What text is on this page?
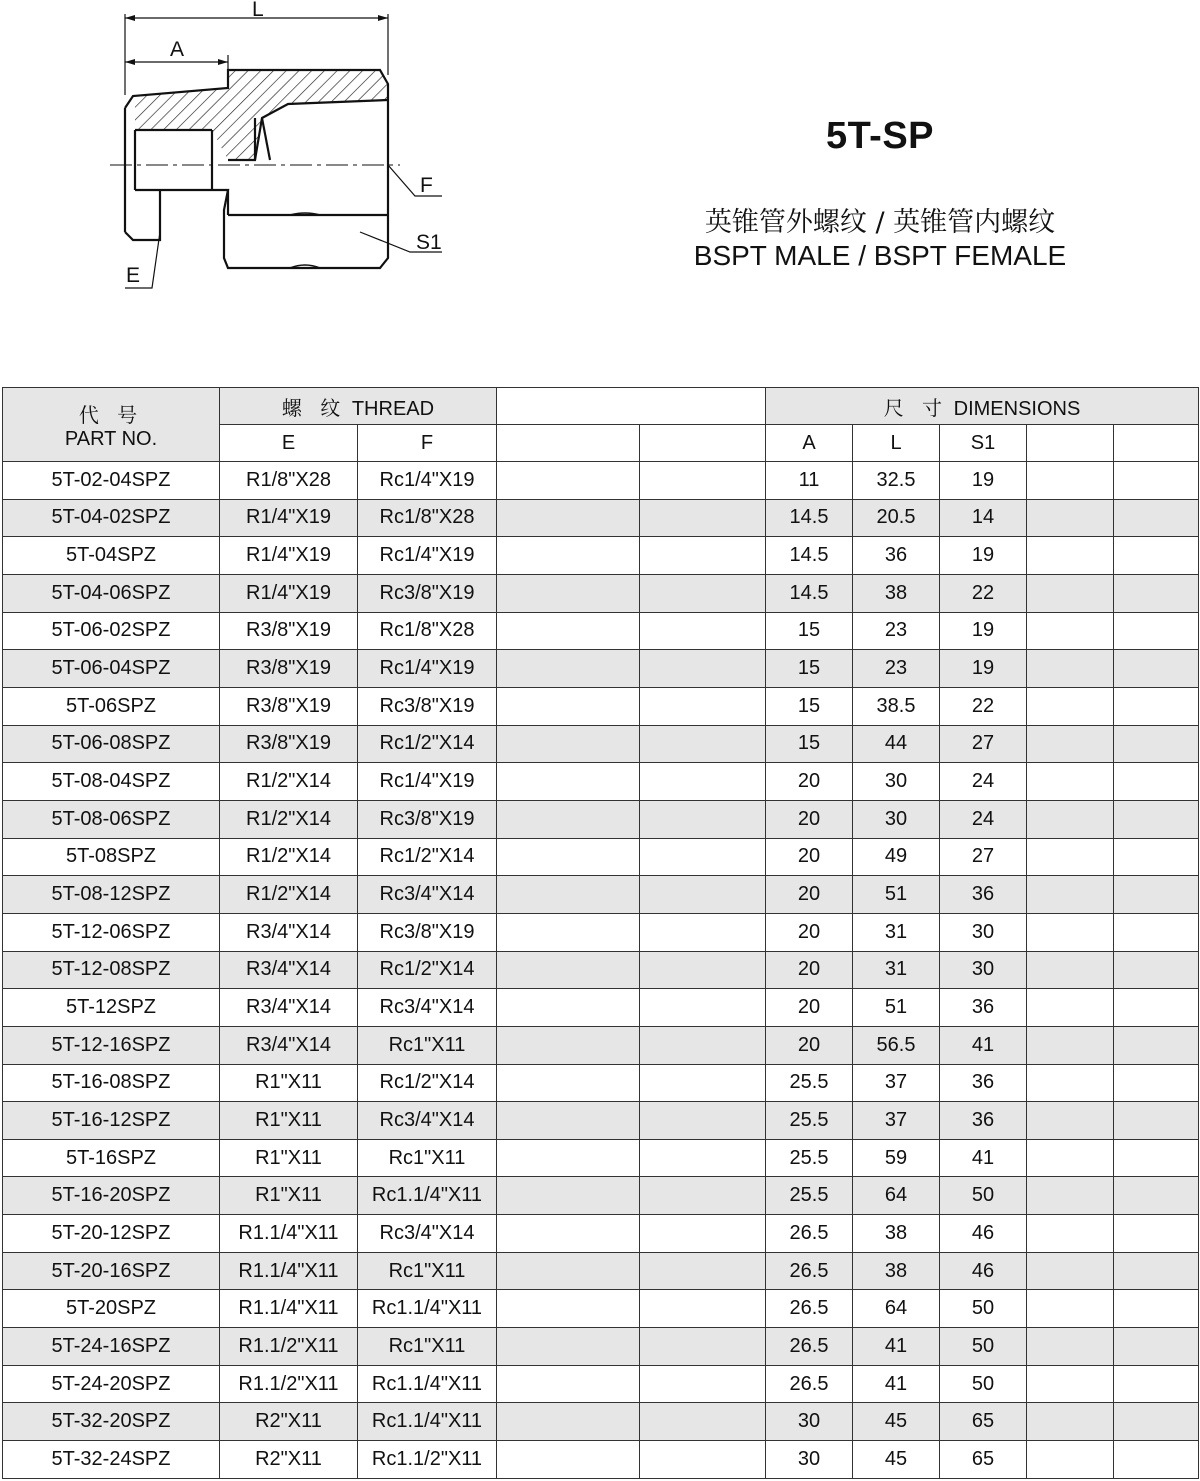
L
A
F
S1
E
5T-SP
英锥管外螺纹 / 英锥管内螺纹
BSPT MALE / BSPT FEMALE
代 号
PART NO.	螺 纹 THREAD				尺 寸 DIMENSIONS				
	E	F			A	L	S1		
5T-02-04SPZ	R1/8"X28	Rc1/4"X19			11	32.5	19		
5T-04-02SPZ	R1/4"X19	Rc1/8"X28			14.5	20.5	14		
5T-04SPZ	R1/4"X19	Rc1/4"X19			14.5	36	19		
5T-04-06SPZ	R1/4"X19	Rc3/8"X19			14.5	38	22		
5T-06-02SPZ	R3/8"X19	Rc1/8"X28			15	23	19		
5T-06-04SPZ	R3/8"X19	Rc1/4"X19			15	23	19		
5T-06SPZ	R3/8"X19	Rc3/8"X19			15	38.5	22		
5T-06-08SPZ	R3/8"X19	Rc1/2"X14			15	44	27		
5T-08-04SPZ	R1/2"X14	Rc1/4"X19			20	30	24		
5T-08-06SPZ	R1/2"X14	Rc3/8"X19			20	30	24		
5T-08SPZ	R1/2"X14	Rc1/2"X14			20	49	27		
5T-08-12SPZ	R1/2"X14	Rc3/4"X14			20	51	36		
5T-12-06SPZ	R3/4"X14	Rc3/8"X19			20	31	30		
5T-12-08SPZ	R3/4"X14	Rc1/2"X14			20	31	30		
5T-12SPZ	R3/4"X14	Rc3/4"X14			20	51	36		
5T-12-16SPZ	R3/4"X14	Rc1"X11			20	56.5	41		
5T-16-08SPZ	R1"X11	Rc1/2"X14			25.5	37	36		
5T-16-12SPZ	R1"X11	Rc3/4"X14			25.5	37	36		
5T-16SPZ	R1"X11	Rc1"X11			25.5	59	41		
5T-16-20SPZ	R1"X11	Rc1.1/4"X11			25.5	64	50		
5T-20-12SPZ	R1.1/4"X11	Rc3/4"X14			26.5	38	46		
5T-20-16SPZ	R1.1/4"X11	Rc1"X11			26.5	38	46		
5T-20SPZ	R1.1/4"X11	Rc1.1/4"X11			26.5	64	50		
5T-24-16SPZ	R1.1/2"X11	Rc1"X11			26.5	41	50		
5T-24-20SPZ	R1.1/2"X11	Rc1.1/4"X11			26.5	41	50		
5T-32-20SPZ	R2"X11	Rc1.1/4"X11			30	45	65		
5T-32-24SPZ	R2"X11	Rc1.1/2"X11			30	45	65		
